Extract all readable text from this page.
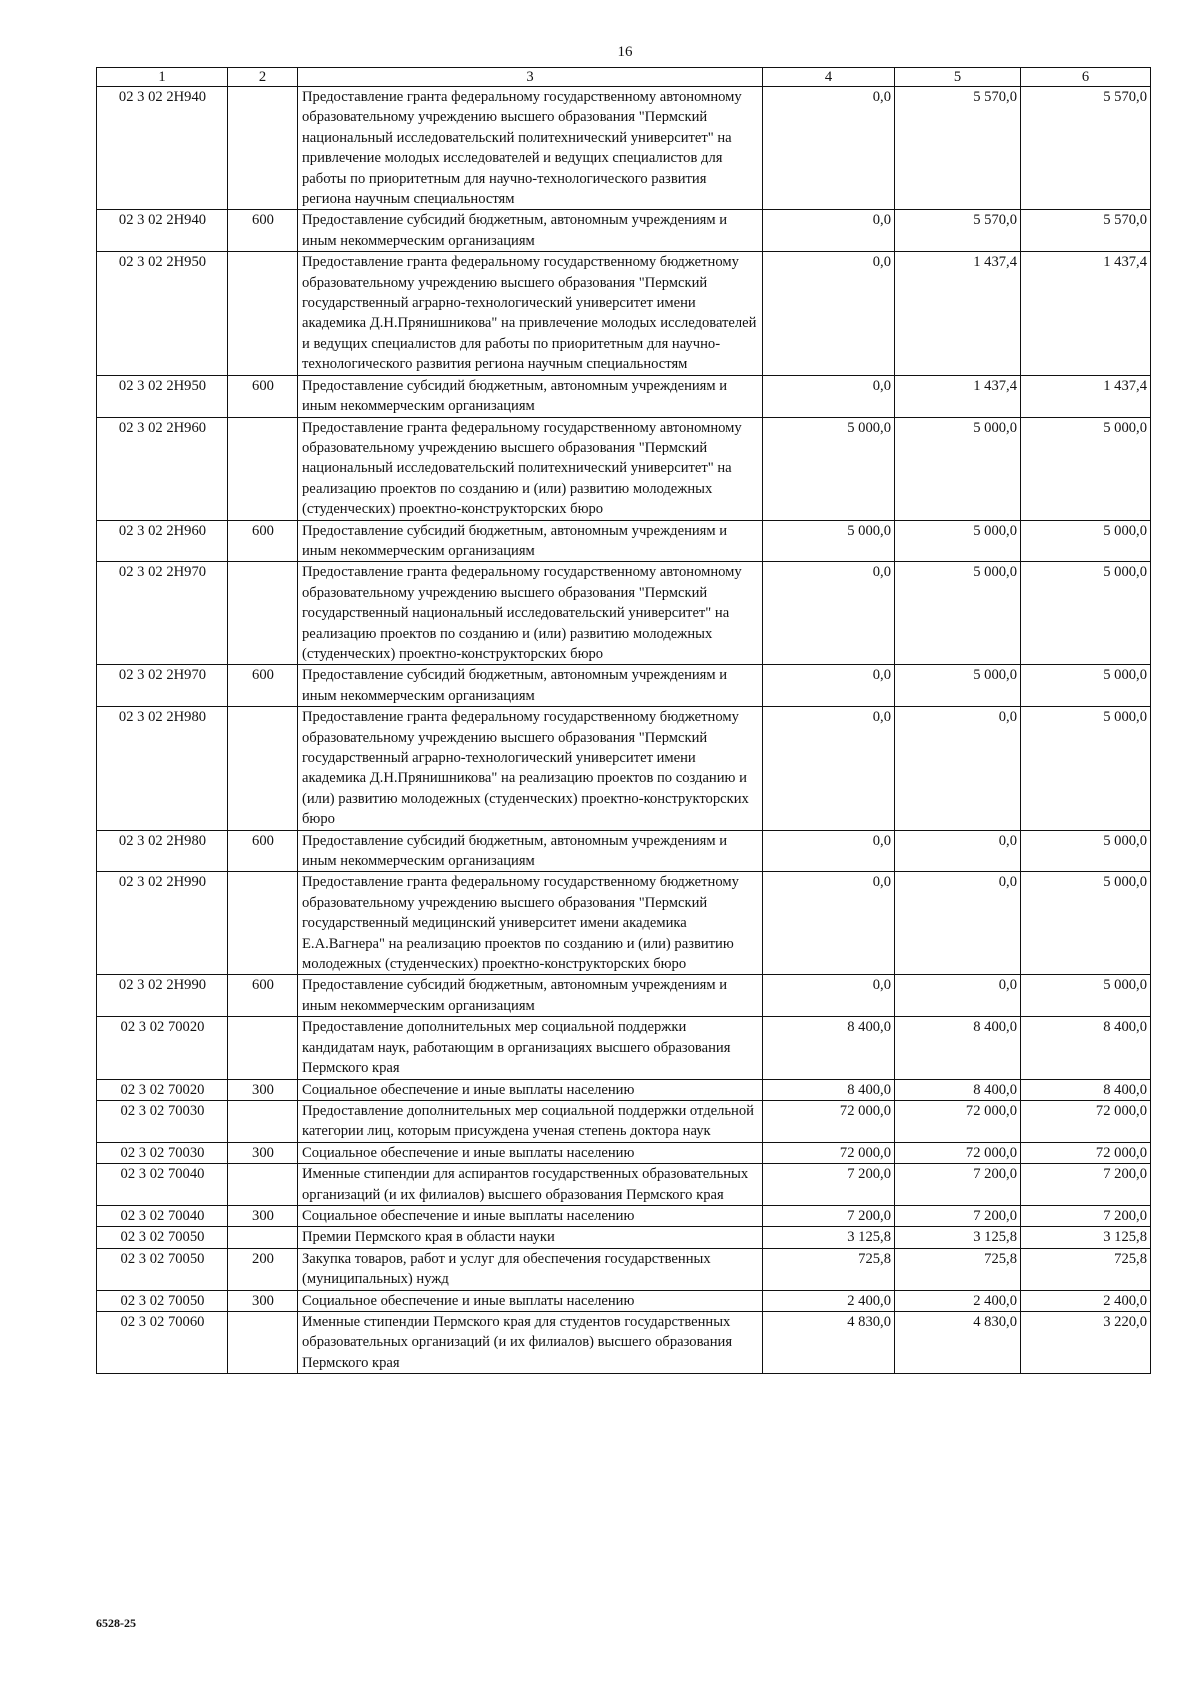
16
1	2	3	4	5	6
02 3 02 2Н940		Предоставление гранта федеральному государственному автономному образовательному учреждению высшего образования "Пермский национальный исследовательский политехнический университет" на привлечение молодых исследователей и ведущих специалистов для работы по приоритетным для научно-технологического развития региона научным специальностям	0,0	5 570,0	5 570,0
02 3 02 2Н940	600	Предоставление субсидий бюджетным, автономным учреждениям и иным некоммерческим организациям	0,0	5 570,0	5 570,0
02 3 02 2Н950		Предоставление гранта федеральному государственному бюджетному образовательному учреждению высшего образования "Пермский государственный аграрно-технологический университет имени академика Д.Н.Прянишникова" на привлечение молодых исследователей и ведущих специалистов для работы по приоритетным для научно-технологического развития региона научным специальностям	0,0	1 437,4	1 437,4
02 3 02 2Н950	600	Предоставление субсидий бюджетным, автономным учреждениям и иным некоммерческим организациям	0,0	1 437,4	1 437,4
02 3 02 2Н960		Предоставление гранта федеральному государственному автономному образовательному учреждению высшего образования "Пермский национальный исследовательский политехнический университет" на реализацию проектов по созданию и (или) развитию молодежных (студенческих) проектно-конструкторских бюро	5 000,0	5 000,0	5 000,0
02 3 02 2Н960	600	Предоставление субсидий бюджетным, автономным учреждениям и иным некоммерческим организациям	5 000,0	5 000,0	5 000,0
02 3 02 2Н970		Предоставление гранта федеральному государственному автономному образовательному учреждению высшего образования "Пермский государственный национальный исследовательский университет" на реализацию проектов по созданию и (или) развитию молодежных (студенческих) проектно-конструкторских бюро	0,0	5 000,0	5 000,0
02 3 02 2Н970	600	Предоставление субсидий бюджетным, автономным учреждениям и иным некоммерческим организациям	0,0	5 000,0	5 000,0
02 3 02 2Н980		Предоставление гранта федеральному государственному бюджетному образовательному учреждению высшего образования "Пермский государственный аграрно-технологический университет имени академика Д.Н.Прянишникова" на реализацию проектов по созданию и (или) развитию молодежных (студенческих) проектно-конструкторских бюро	0,0	0,0	5 000,0
02 3 02 2Н980	600	Предоставление субсидий бюджетным, автономным учреждениям и иным некоммерческим организациям	0,0	0,0	5 000,0
02 3 02 2Н990		Предоставление гранта федеральному государственному бюджетному образовательному учреждению высшего образования "Пермский государственный медицинский университет имени академика Е.А.Вагнера" на реализацию проектов по созданию и (или) развитию молодежных (студенческих) проектно-конструкторских бюро	0,0	0,0	5 000,0
02 3 02 2Н990	600	Предоставление субсидий бюджетным, автономным учреждениям и иным некоммерческим организациям	0,0	0,0	5 000,0
02 3 02 70020		Предоставление дополнительных мер социальной поддержки кандидатам наук, работающим в организациях высшего образования Пермского края	8 400,0	8 400,0	8 400,0
02 3 02 70020	300	Социальное обеспечение и иные выплаты населению	8 400,0	8 400,0	8 400,0
02 3 02 70030		Предоставление дополнительных мер социальной поддержки отдельной категории лиц, которым присуждена ученая степень доктора наук	72 000,0	72 000,0	72 000,0
02 3 02 70030	300	Социальное обеспечение и иные выплаты населению	72 000,0	72 000,0	72 000,0
02 3 02 70040		Именные стипендии для аспирантов государственных образовательных организаций (и их филиалов) высшего образования Пермского края	7 200,0	7 200,0	7 200,0
02 3 02 70040	300	Социальное обеспечение и иные выплаты населению	7 200,0	7 200,0	7 200,0
02 3 02 70050		Премии Пермского края в области науки	3 125,8	3 125,8	3 125,8
02 3 02 70050	200	Закупка товаров, работ и услуг для обеспечения государственных (муниципальных) нужд	725,8	725,8	725,8
02 3 02 70050	300	Социальное обеспечение и иные выплаты населению	2 400,0	2 400,0	2 400,0
02 3 02 70060		Именные стипендии Пермского края для студентов государственных образовательных организаций (и их филиалов) высшего образования Пермского края	4 830,0	4 830,0	3 220,0
6528-25
